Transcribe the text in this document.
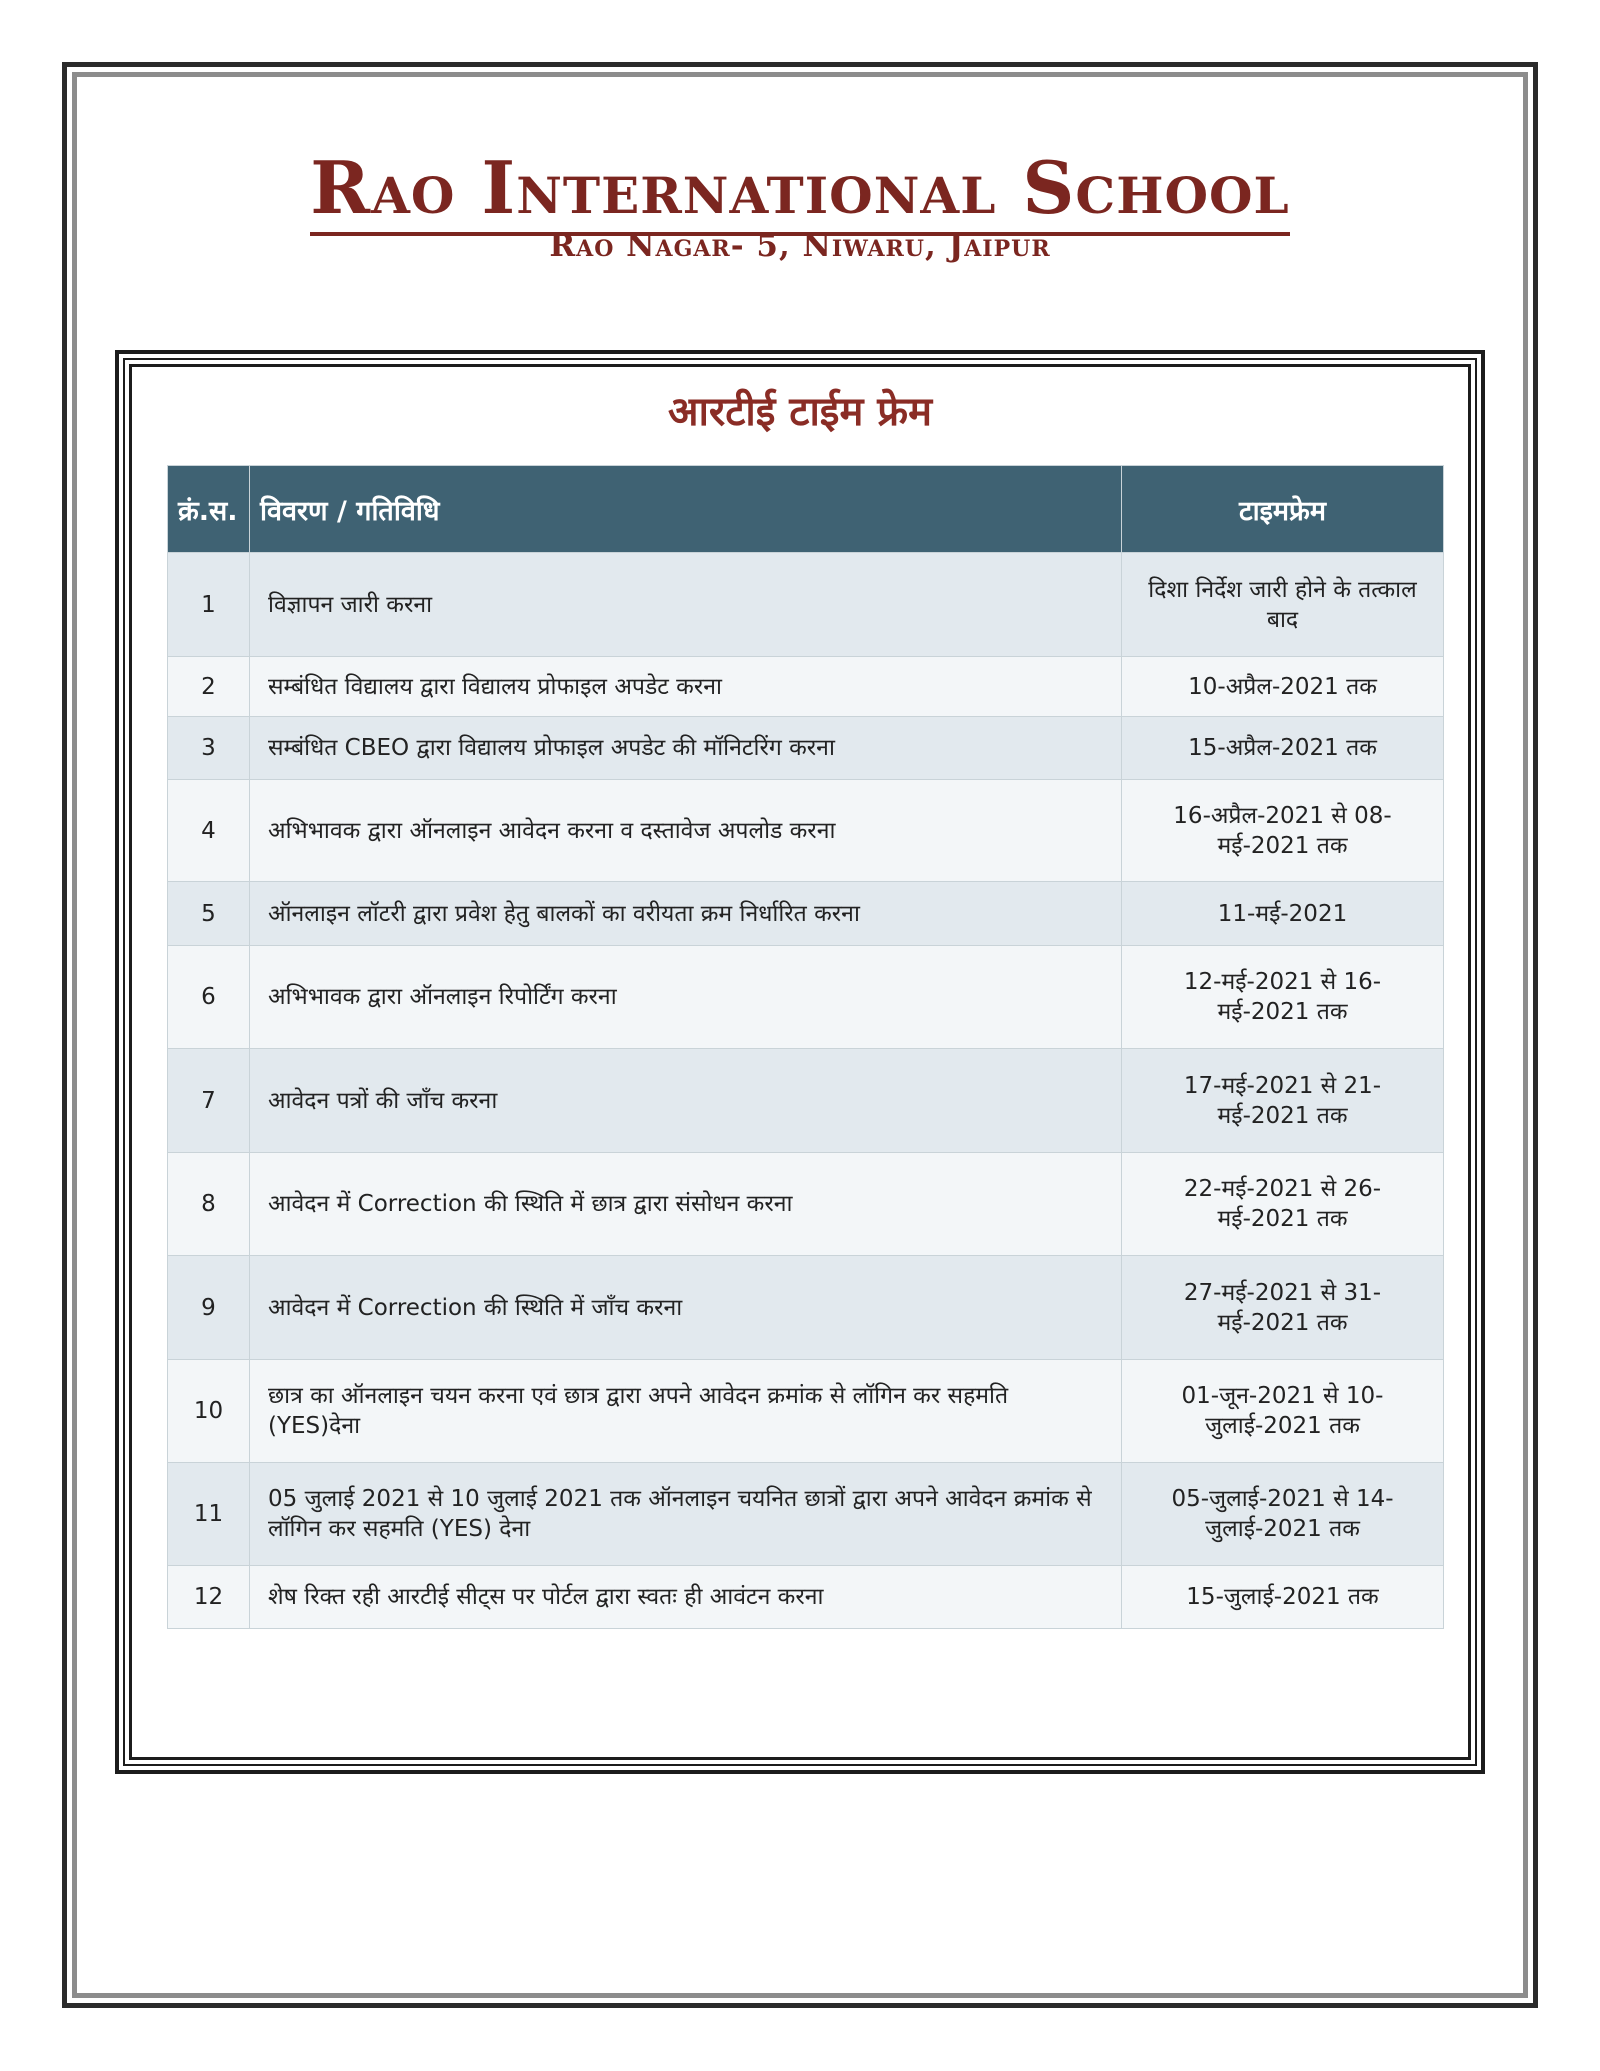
Rao International School
Rao Nagar- 5, Niwaru, Jaipur
आरटीई टाईम फ्रेम
क्रं.स.	विवरण / गतिविधि	टाइमफ्रेम
1	विज्ञापन जारी करना	दिशा निर्देश जारी होने के तत्काल बाद
2	सम्बंधित विद्यालय द्वारा विद्यालय प्रोफाइल अपडेट करना	10-अप्रैल-2021 तक
3	सम्बंधित CBEO द्वारा विद्यालय प्रोफाइल अपडेट की मॉनिटरिंग करना	15-अप्रैल-2021 तक
4	अभिभावक द्वारा ऑनलाइन आवेदन करना व दस्तावेज अपलोड करना	16-अप्रैल-2021 से 08-मई-2021 तक
5	ऑनलाइन लॉटरी द्वारा प्रवेश हेतु बालकों का वरीयता क्रम निर्धारित करना	11-मई-2021
6	अभिभावक द्वारा ऑनलाइन रिपोर्टिंग करना	12-मई-2021 से 16-मई-2021 तक
7	आवेदन पत्रों की जाँच करना	17-मई-2021 से 21-मई-2021 तक
8	आवेदन में Correction की स्थिति में छात्र द्वारा संसोधन करना	22-मई-2021 से 26-मई-2021 तक
9	आवेदन में Correction की स्थिति में जाँच करना	27-मई-2021 से 31-मई-2021 तक
10	छात्र का ऑनलाइन चयन करना एवं छात्र द्वारा अपने आवेदन क्रमांक से लॉगिन कर सहमति (YES)देना	01-जून-2021 से 10-जुलाई-2021 तक
11	05 जुलाई 2021 से 10 जुलाई 2021 तक ऑनलाइन चयनित छात्रों द्वारा अपने आवेदन क्रमांक से लॉगिन कर सहमति (YES) देना	05-जुलाई-2021 से 14-जुलाई-2021 तक
12	शेष रिक्त रही आरटीई सीट्स पर पोर्टल द्वारा स्वतः ही आवंटन करना	15-जुलाई-2021 तक
